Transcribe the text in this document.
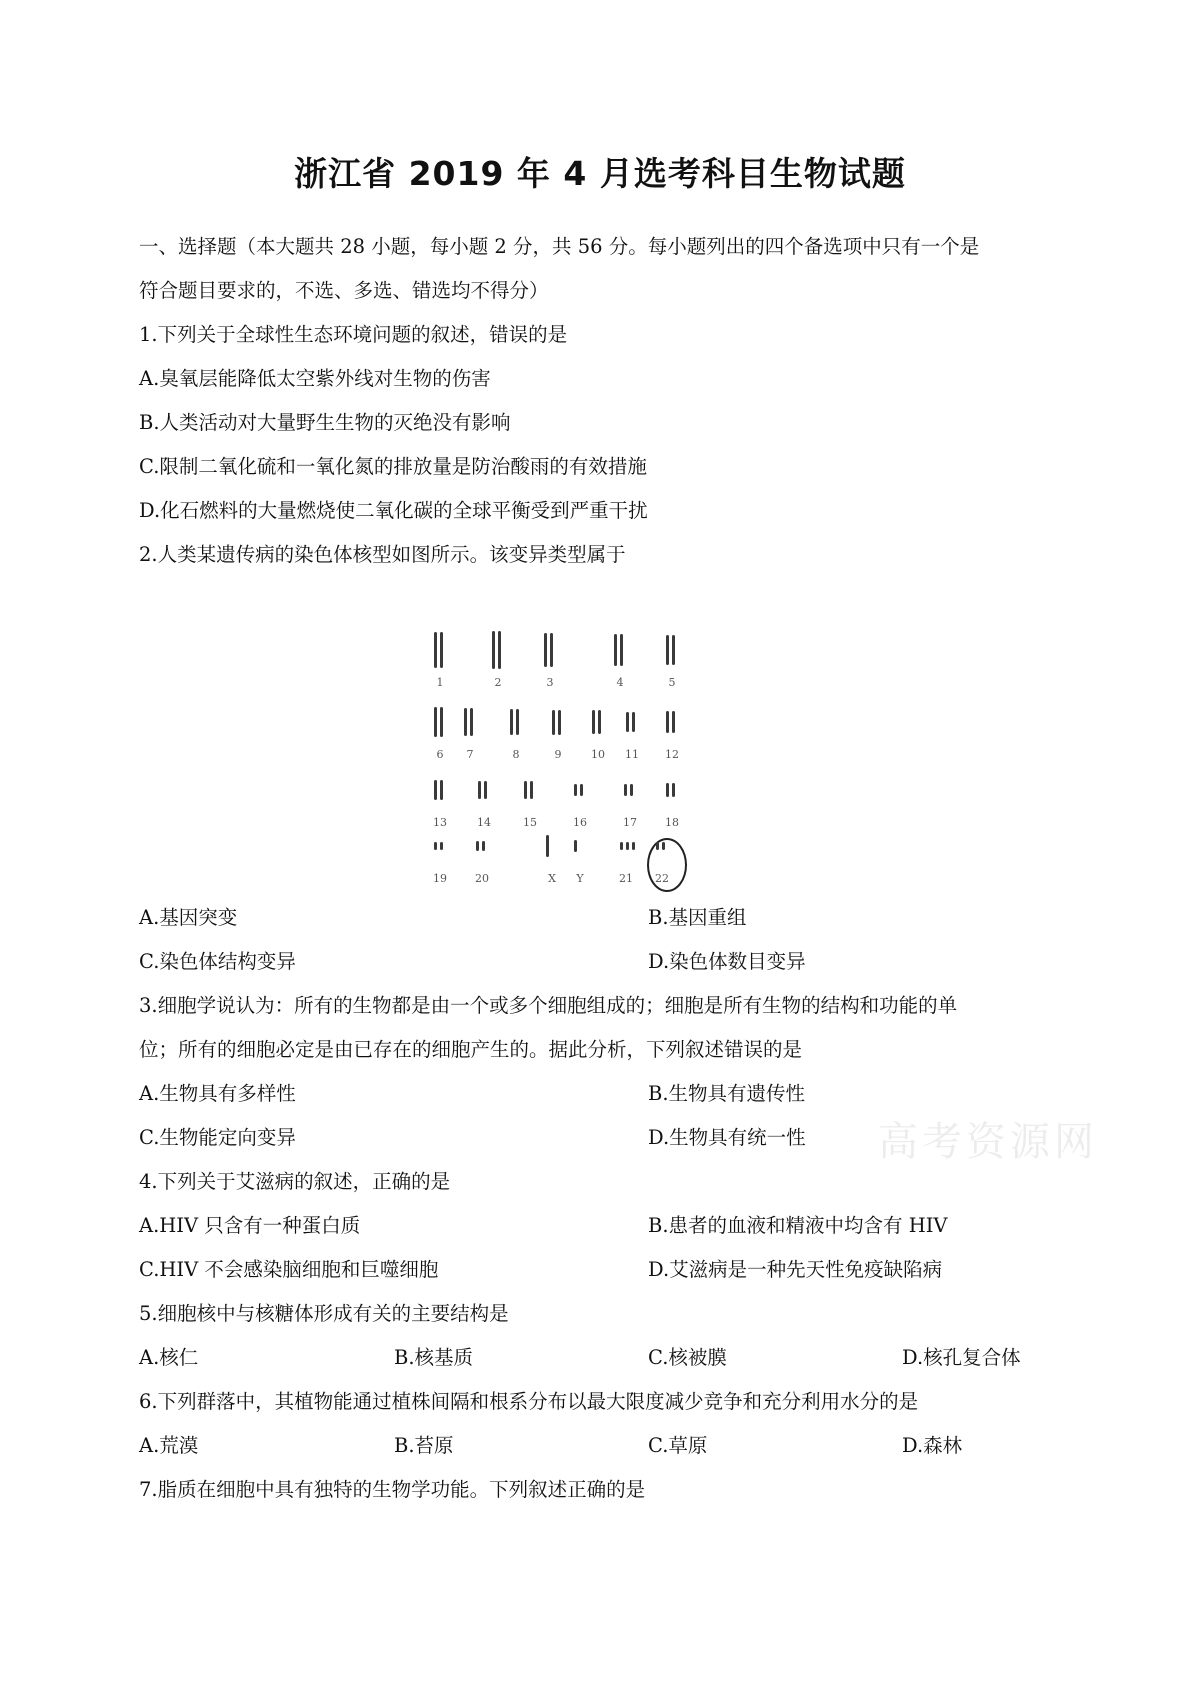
浙江省 2019 年 4 月选考科目生物试题
一、选择题（本大题共 28 小题，每小题 2 分，共 56 分。每小题列出的四个备选项中只有一个是
符合题目要求的，不选、多选、错选均不得分）
1.下列关于全球性生态环境问题的叙述，错误的是
A.臭氧层能降低太空紫外线对生物的伤害
B.人类活动对大量野生生物的灭绝没有影响
C.限制二氧化硫和一氧化氮的排放量是防治酸雨的有效措施
D.化石燃料的大量燃烧使二氧化碳的全球平衡受到严重干扰
2.人类某遗传病的染色体核型如图所示。该变异类型属于
1	2	3	4	5
6	7	8	9	10	11	12
13	14	15	16	17	18
19	20	X	Y	21	22
A.基因突变	B.基因重组
C.染色体结构变异	D.染色体数目变异
3.细胞学说认为：所有的生物都是由一个或多个细胞组成的；细胞是所有生物的结构和功能的单
位；所有的细胞必定是由已存在的细胞产生的。据此分析，下列叙述错误的是
A.生物具有多样性	B.生物具有遗传性
C.生物能定向变异	D.生物具有统一性 高考资源网
4.下列关于艾滋病的叙述，正确的是
A.HIV 只含有一种蛋白质	B.患者的血液和精液中均含有 HIV
C.HIV 不会感染脑细胞和巨噬细胞	D.艾滋病是一种先天性免疫缺陷病
5.细胞核中与核糖体形成有关的主要结构是
A.核仁	B.核基质	C.核被膜	D.核孔复合体
6.下列群落中，其植物能通过植株间隔和根系分布以最大限度减少竞争和充分利用水分的是
A.荒漠	B.苔原	C.草原	D.森林
7.脂质在细胞中具有独特的生物学功能。下列叙述正确的是
